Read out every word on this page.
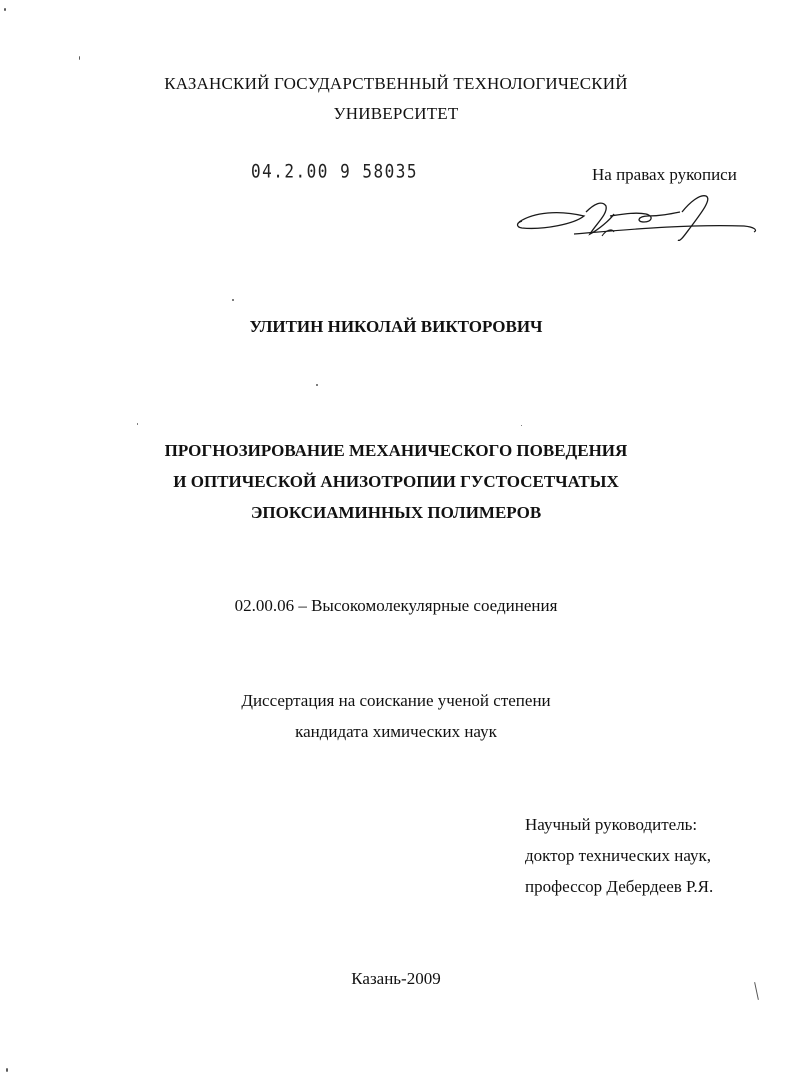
КАЗАНСКИЙ ГОСУДАРСТВЕННЫЙ ТЕХНОЛОГИЧЕСКИЙ
УНИВЕРСИТЕТ
04.2.00 9 58035	На правах рукописи
УЛИТИН НИКОЛАЙ ВИКТОРОВИЧ
ПРОГНОЗИРОВАНИЕ МЕХАНИЧЕСКОГО ПОВЕДЕНИЯ
И ОПТИЧЕСКОЙ АНИЗОТРОПИИ ГУСТОСЕТЧАТЫХ
ЭПОКСИАМИННЫХ ПОЛИМЕРОВ
02.00.06 – Высокомолекулярные соединения
Диссертация на соискание ученой степени
кандидата химических наук
Научный руководитель:
доктор технических наук,
профессор Дебердеев Р.Я.
Казань-2009
